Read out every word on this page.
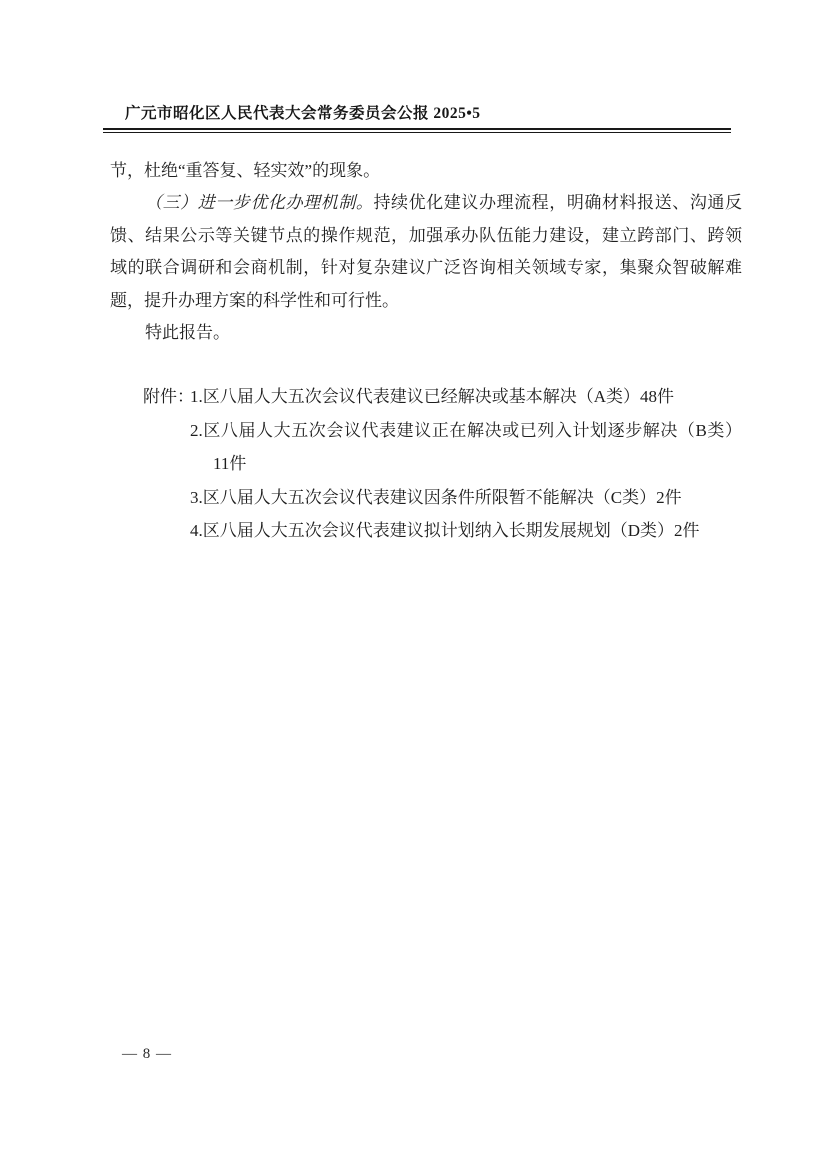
广元市昭化区人民代表大会常务委员会公报 2025•5
节，杜绝“重答复、轻实效”的现象。
（三）进一步优化办理机制。持续优化建议办理流程，明确材料报送、沟通反
馈、结果公示等关键节点的操作规范，加强承办队伍能力建设，建立跨部门、跨领
域的联合调研和会商机制，针对复杂建议广泛咨询相关领域专家，集聚众智破解难
题，提升办理方案的科学性和可行性。
特此报告。
附件：
1.区八届人大五次会议代表建议已经解决或基本解决（A类）48件
2.区八届人大五次会议代表建议正在解决或已列入计划逐步解决（B类）
11件
3.区八届人大五次会议代表建议因条件所限暂不能解决（C类）2件
4.区八届人大五次会议代表建议拟计划纳入长期发展规划（D类）2件
— 8 —
